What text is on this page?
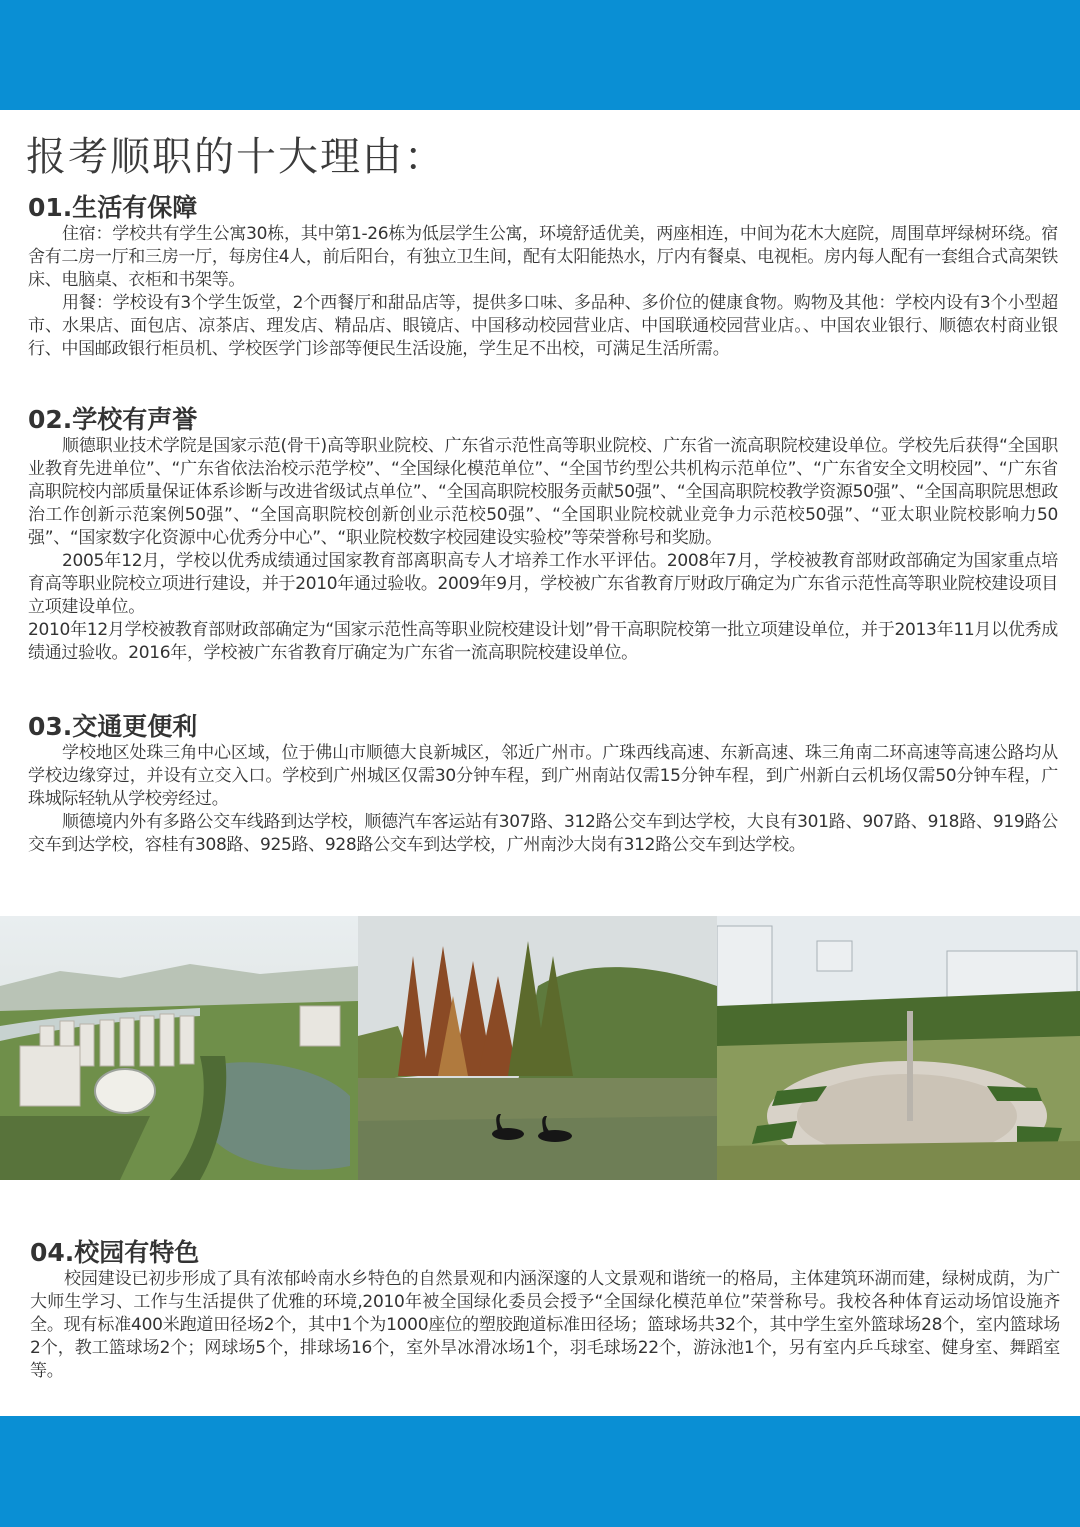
报考顺职的十大理由：
01.生活有保障

住宿：学校共有学生公寓30栋，其中第1-26栋为低层学生公寓，环境舒适优美，两座相连，中间为花木大庭院，周围草坪绿树环绕。宿舍有二房一厅和三房一厅，每房住4人，前后阳台，有独立卫生间，配有太阳能热水，厅内有餐桌、电视柜。房内每人配有一套组合式高架铁床、电脑桌、衣柜和书架等。

用餐：学校设有3个学生饭堂，2个西餐厅和甜品店等，提供多口味、多品种、多价位的健康食物。购物及其他：学校内设有3个小型超市、水果店、面包店、凉茶店、理发店、精品店、眼镜店、中国移动校园营业店、中国联通校园营业店。、中国农业银行、顺德农村商业银行、中国邮政银行柜员机、学校医学门诊部等便民生活设施，学生足不出校，可满足生活所需。

02.学校有声誉

顺德职业技术学院是国家示范(骨干)高等职业院校、广东省示范性高等职业院校、广东省一流高职院校建设单位。学校先后获得“全国职业教育先进单位”、“广东省依法治校示范学校”、“全国绿化模范单位”、“全国节约型公共机构示范单位”、“广东省安全文明校园”、“广东省高职院校内部质量保证体系诊断与改进省级试点单位”、“全国高职院校服务贡献50强”、“全国高职院校教学资源50强”、“全国高职院思想政治工作创新示范案例50强”、“全国高职院校创新创业示范校50强”、“全国职业院校就业竞争力示范校50强”、“亚太职业院校影响力50强”、“国家数字化资源中心优秀分中心”、“职业院校数字校园建设实验校”等荣誉称号和奖励。

2005年12月，学校以优秀成绩通过国家教育部离职高专人才培养工作水平评估。2008年7月，学校被教育部财政部确定为国家重点培育高等职业院校立项进行建设，并于2010年通过验收。2009年9月，学校被广东省教育厅财政厅确定为广东省示范性高等职业院校建设项目立项建设单位。

2010年12月学校被教育部财政部确定为“国家示范性高等职业院校建设计划”骨干高职院校第一批立项建设单位，并于2013年11月以优秀成绩通过验收。2016年，学校被广东省教育厅确定为广东省一流高职院校建设单位。

03.交通更便利

学校地区处珠三角中心区域，位于佛山市顺德大良新城区，邻近广州市。广珠西线高速、东新高速、珠三角南二环高速等高速公路均从学校边缘穿过，并设有立交入口。学校到广州城区仅需30分钟车程，到广州南站仅需15分钟车程，到广州新白云机场仅需50分钟车程，广珠城际轻轨从学校旁经过。

顺德境内外有多路公交车线路到达学校，顺德汽车客运站有307路、312路公交车到达学校，大良有301路、907路、918路、919路公交车到达学校，容桂有308路、925路、928路公交车到达学校，广州南沙大岗有312路公交车到达学校。

04.校园有特色

校园建设已初步形成了具有浓郁岭南水乡特色的自然景观和内涵深邃的人文景观和谐统一的格局，主体建筑环湖而建，绿树成荫，为广大师生学习、工作与生活提供了优雅的环境,2010年被全国绿化委员会授予“全国绿化模范单位”荣誉称号。我校各种体育运动场馆设施齐全。现有标准400米跑道田径场2个，其中1个为1000座位的塑胶跑道标准田径场；篮球场共32个，其中学生室外篮球场28个，室内篮球场2个，教工篮球场2个；网球场5个，排球场16个，室外旱冰滑冰场1个，羽毛球场22个，游泳池1个，另有室内乒乓球室、健身室、舞蹈室等。
